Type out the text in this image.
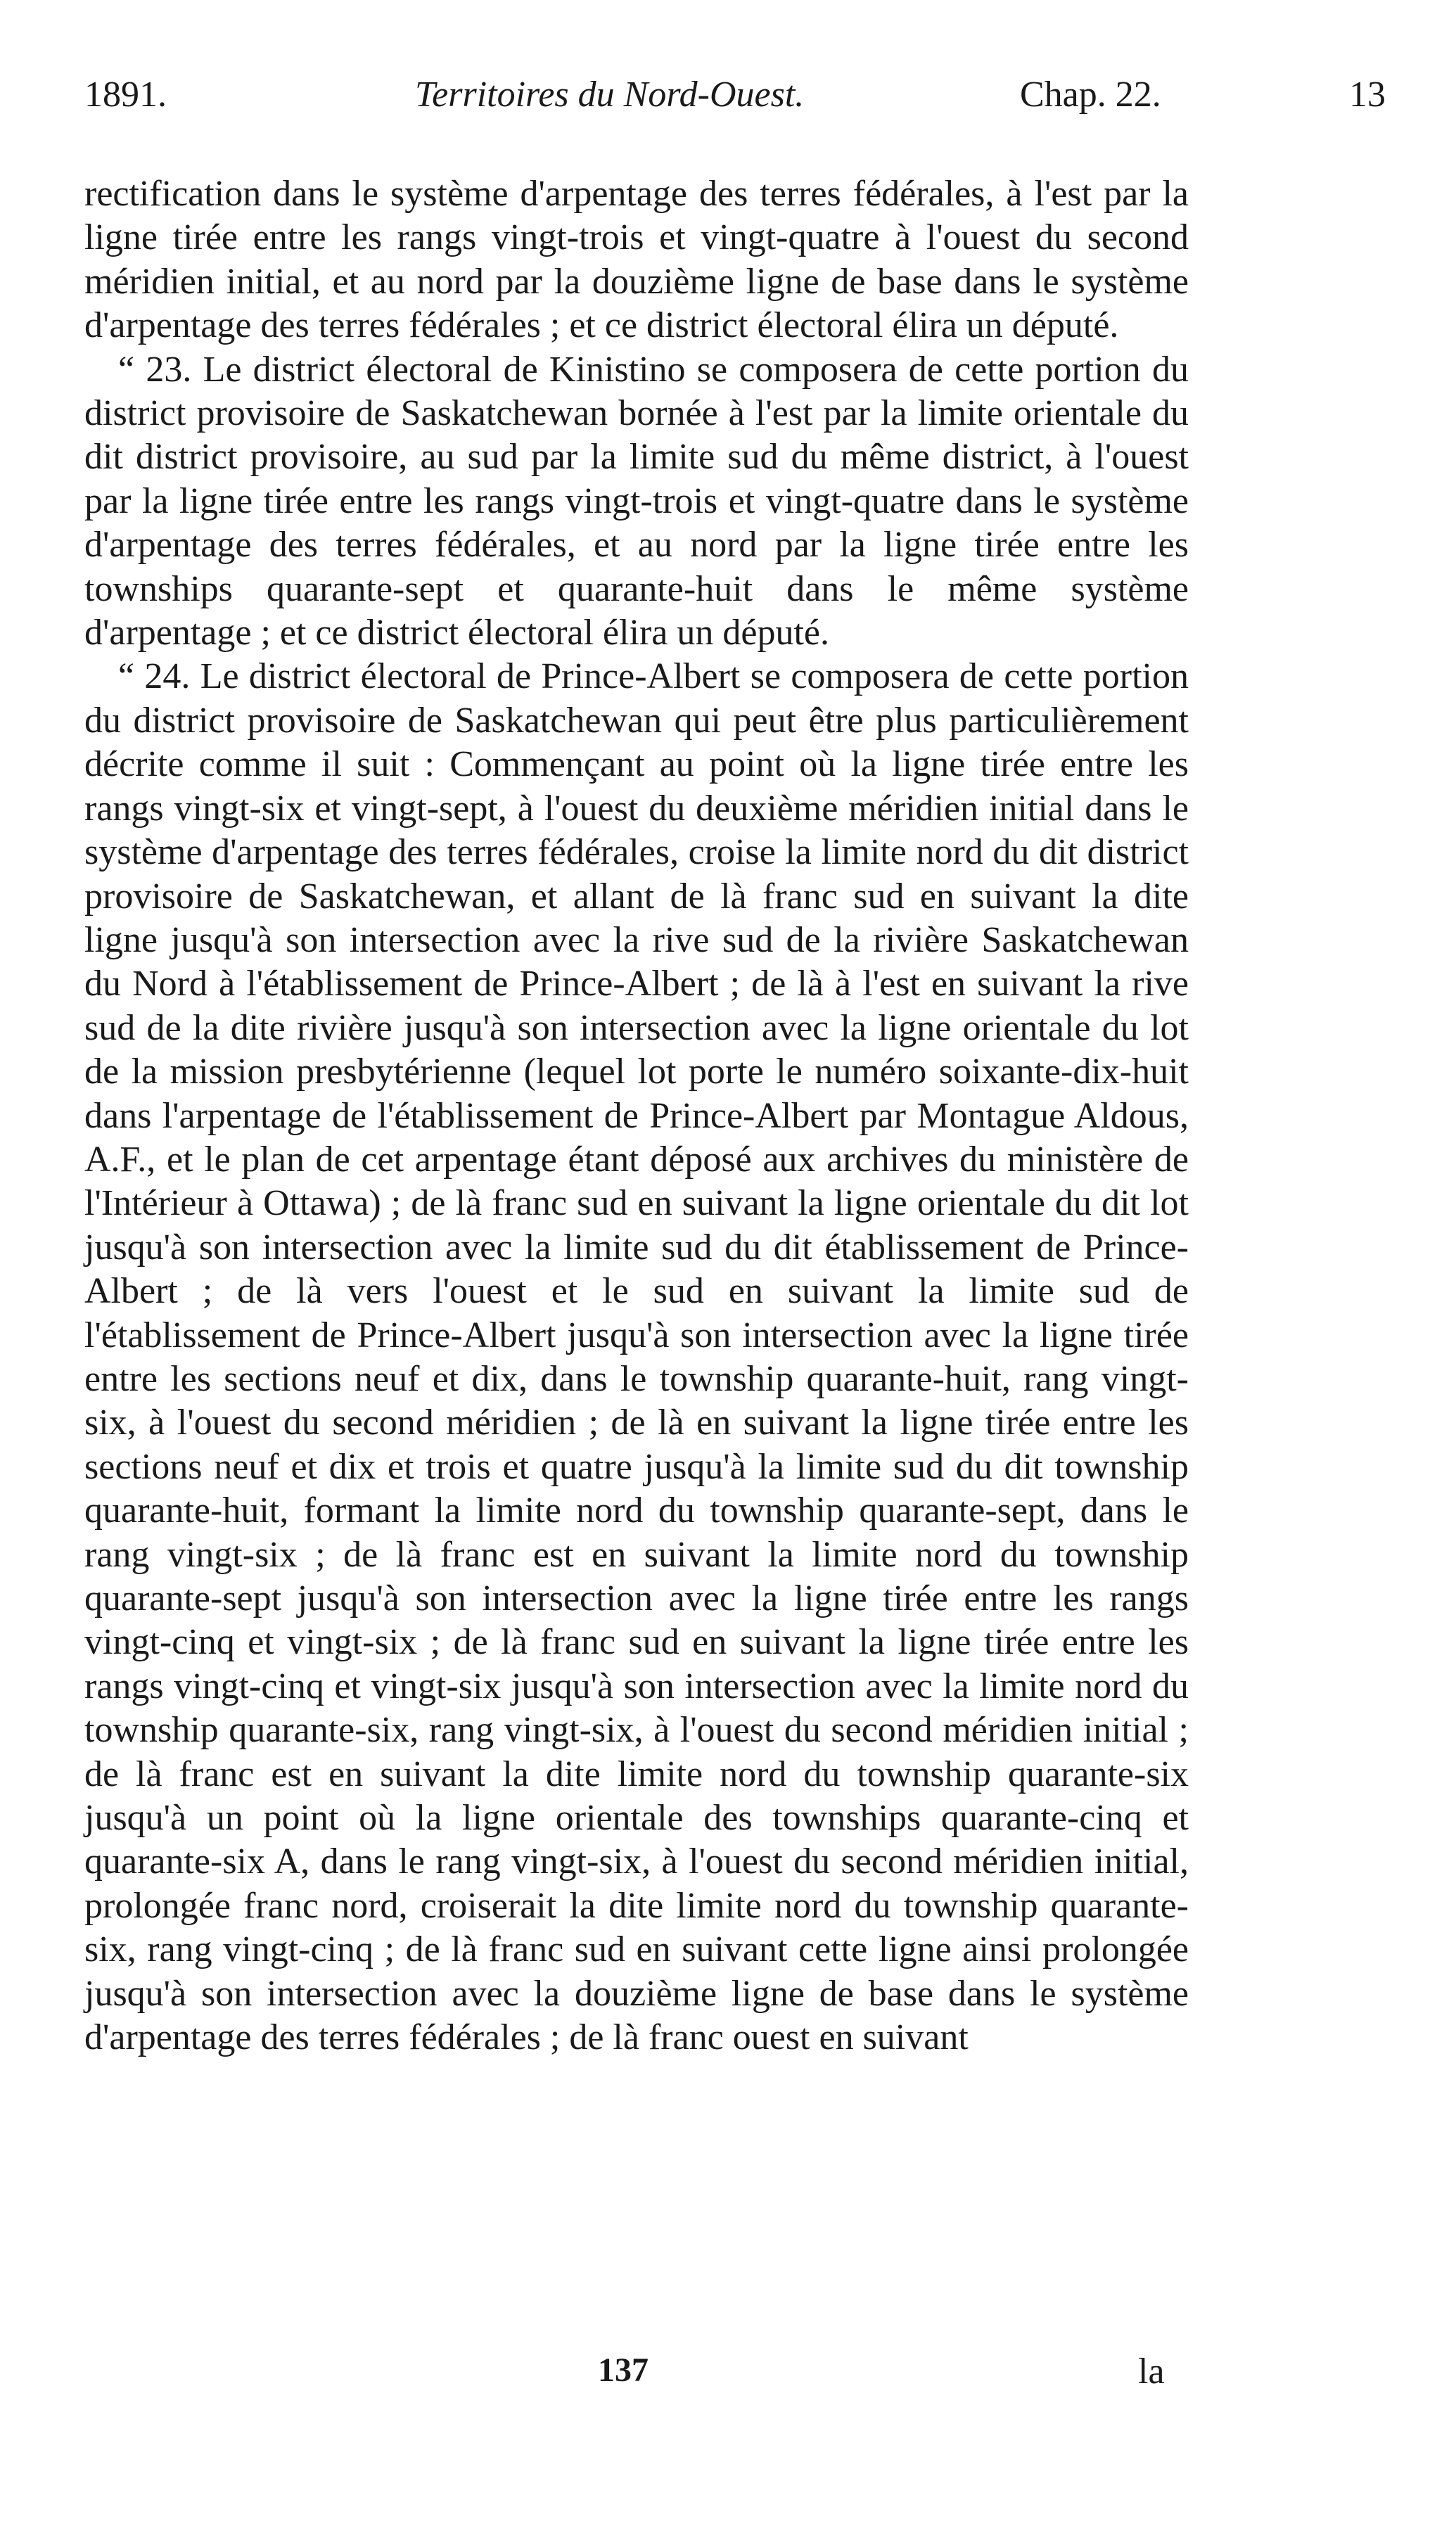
1891.	Territoires du Nord-Ouest.	Chap. 22.	13

rectification dans le système d'arpentage des terres fédérales, à l'est par la ligne tirée entre les rangs vingt-trois et vingt-quatre à l'ouest du second méridien initial, et au nord par la douzième ligne de base dans le système d'arpentage des terres fédérales ; et ce district électoral élira un député.

“ 23. Le district électoral de Kinistino se composera de cette portion du district provisoire de Saskatchewan bornée à l'est par la limite orientale du dit district provisoire, au sud par la limite sud du même district, à l'ouest par la ligne tirée entre les rangs vingt-trois et vingt-quatre dans le système d'arpentage des terres fédérales, et au nord par la ligne tirée entre les townships quarante-sept et quarante-huit dans le même système d'arpentage ; et ce district électoral élira un député.

“ 24. Le district électoral de Prince-Albert se composera de cette portion du district provisoire de Saskatchewan qui peut être plus particulièrement décrite comme il suit : Commençant au point où la ligne tirée entre les rangs vingt-six et vingt-sept, à l'ouest du deuxième méridien initial dans le système d'arpentage des terres fédérales, croise la limite nord du dit district provisoire de Saskatchewan, et allant de là franc sud en suivant la dite ligne jusqu'à son intersection avec la rive sud de la rivière Saskatchewan du Nord à l'établissement de Prince-Albert ; de là à l'est en suivant la rive sud de la dite rivière jusqu'à son intersection avec la ligne orientale du lot de la mission presbytérienne (lequel lot porte le numéro soixante-dix-huit dans l'arpentage de l'établissement de Prince-Albert par Montague Aldous, A.F., et le plan de cet arpentage étant déposé aux archives du ministère de l'Intérieur à Ottawa) ; de là franc sud en suivant la ligne orientale du dit lot jusqu'à son intersection avec la limite sud du dit établissement de Prince-Albert ; de là vers l'ouest et le sud en suivant la limite sud de l'établissement de Prince-Albert jusqu'à son intersection avec la ligne tirée entre les sections neuf et dix, dans le township quarante-huit, rang vingt-six, à l'ouest du second méridien ; de là en suivant la ligne tirée entre les sections neuf et dix et trois et quatre jusqu'à la limite sud du dit township quarante-huit, formant la limite nord du township quarante-sept, dans le rang vingt-six ; de là franc est en suivant la limite nord du township quarante-sept jusqu'à son intersection avec la ligne tirée entre les rangs vingt-cinq et vingt-six ; de là franc sud en suivant la ligne tirée entre les rangs vingt-cinq et vingt-six jusqu'à son intersection avec la limite nord du township quarante-six, rang vingt-six, à l'ouest du second méridien initial ; de là franc est en suivant la dite limite nord du township quarante-six jusqu'à un point où la ligne orientale des townships quarante-cinq et quarante-six A, dans le rang vingt-six, à l'ouest du second méridien initial, prolongée franc nord, croiserait la dite limite nord du township quarante-six, rang vingt-cinq ; de là franc sud en suivant cette ligne ainsi prolongée jusqu'à son intersection avec la douzième ligne de base dans le système d'arpentage des terres fédérales ; de là franc ouest en suivant

137	la
